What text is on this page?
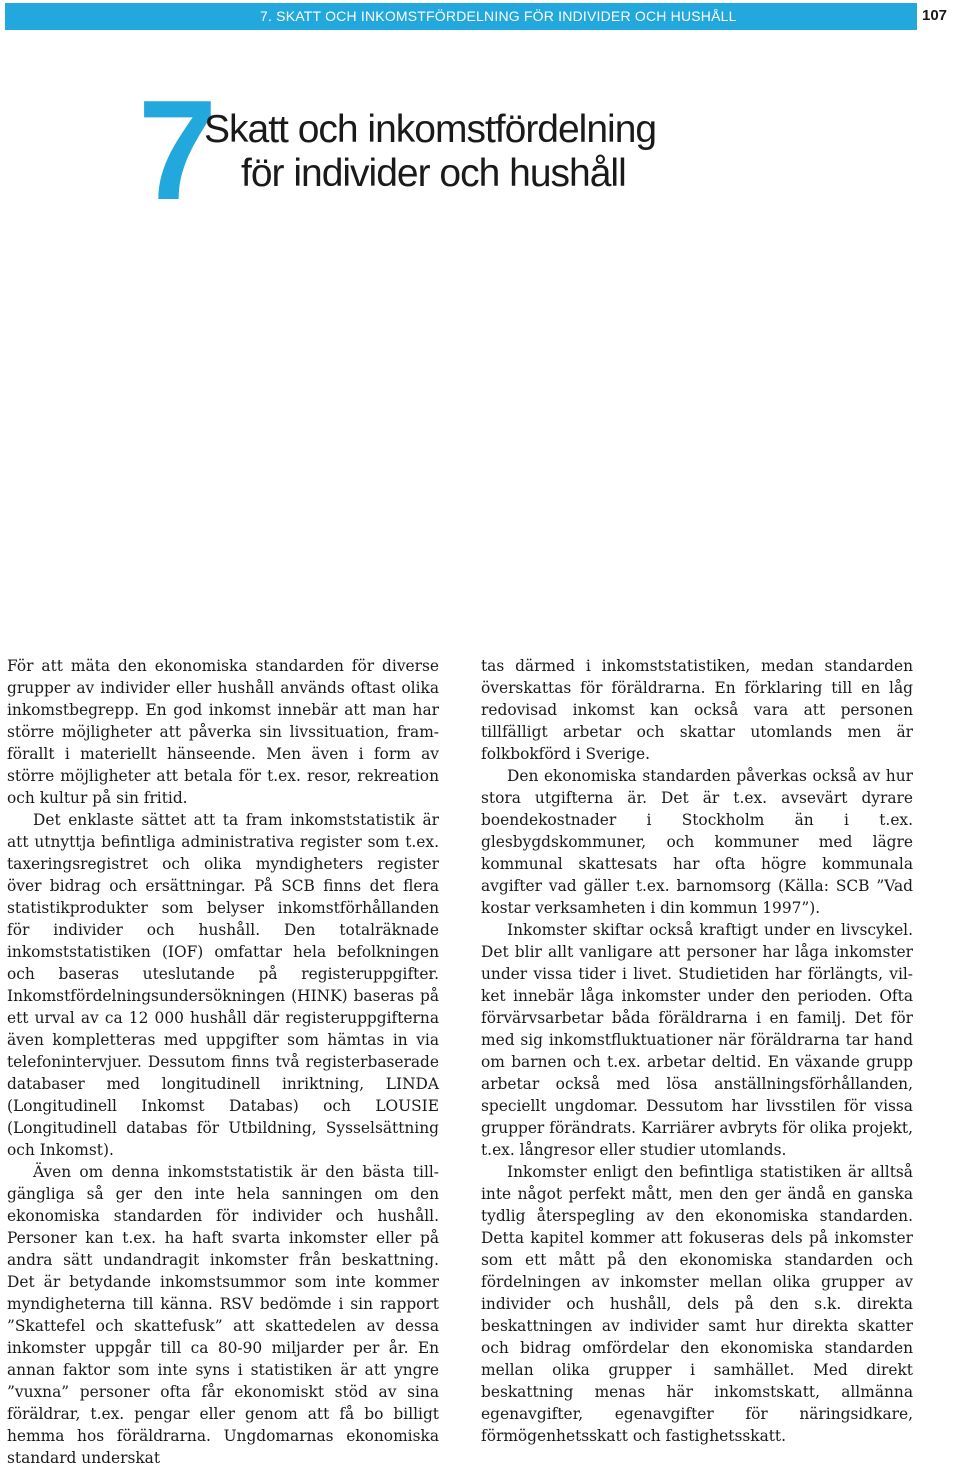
7. SKATT OCH INKOMSTFÖRDELNING FÖR INDIVIDER OCH HUSHÅLL	107
7
Skatt och inkomstfördelning
för individer och hushåll

För att mäta den ekonomiska standarden för diverse grupper av individer eller hushåll används oftast olika inkomstbegrepp. En god inkomst innebär att man har större möjligheter att påverka sin livssituation, framförallt i materiellt hänseende. Men även i form av större möjligheter att betala för t.ex. resor, rekreation och kultur på sin fritid.

Det enklaste sättet att ta fram inkomststatistik är att utnyttja befintliga administrativa register som t.ex. taxeringsregistret och olika myndigheters register över bidrag och ersättningar. På SCB finns det flera statistikprodukter som belyser inkomstförhållanden för individer och hushåll. Den totalräknade inkomststatistiken (IOF) omfattar hela befolkningen och baseras uteslutande på registeruppgifter. Inkomstfördelningsundersökningen (HINK) baseras på ett urval av ca 12 000 hushåll där registeruppgifterna även kompletteras med uppgifter som hämtas in via telefonintervjuer. Dessutom finns två registerbaserade databaser med longitudinell inriktning, LINDA (Longitudinell Inkomst Databas) och LOUSIE (Longitudinell databas för Utbildning, Sysselsättning och Inkomst).

Även om denna inkomststatistik är den bästa tillgängliga så ger den inte hela sanningen om den ekonomiska standarden för individer och hushåll. Personer kan t.ex. ha haft svarta inkomster eller på andra sätt undandragit inkomster från beskattning. Det är betydande inkomstsummor som inte kommer myndigheterna till känna. RSV bedömde i sin rapport ”Skattefel och skattefusk” att skattedelen av dessa inkomster uppgår till ca 80-90 miljarder per år. En annan faktor som inte syns i statistiken är att yngre ”vuxna” personer ofta får ekonomiskt stöd av sina föräldrar, t.ex. pengar eller genom att få bo billigt hemma hos föräldrarna. Ungdomarnas ekonomiska standard underskat

tas därmed i inkomststatistiken, medan standarden överskattas för föräldrarna. En förklaring till en låg redovisad inkomst kan också vara att personen tillfälligt arbetar och skattar utomlands men är folkbokförd i Sverige.

Den ekonomiska standarden påverkas också av hur stora utgifterna är. Det är t.ex. avsevärt dyrare boendekostnader i Stockholm än i t.ex. glesbygdskommuner, och kommuner med lägre kommunal skattesats har ofta högre kommunala avgifter vad gäller t.ex. barnomsorg (Källa: SCB ”Vad kostar verksamheten i din kommun 1997”).

Inkomster skiftar också kraftigt under en livscykel. Det blir allt vanligare att personer har låga inkomster under vissa tider i livet. Studietiden har förlängts, vilket innebär låga inkomster under den perioden. Ofta förvärvsarbetar båda föräldrarna i en familj. Det för med sig inkomstfluktuationer när föräldrarna tar hand om barnen och t.ex. arbetar deltid. En växande grupp arbetar också med lösa anställningsförhållanden, speciellt ungdomar. Dessutom har livsstilen för vissa grupper förändrats. Karriärer avbryts för olika projekt, t.ex. långresor eller studier utomlands.

Inkomster enligt den befintliga statistiken är alltså inte något perfekt mått, men den ger ändå en ganska tydlig återspegling av den ekonomiska standarden. Detta kapitel kommer att fokuseras dels på inkomster som ett mått på den ekonomiska standarden och fördelningen av inkomster mellan olika grupper av individer och hushåll, dels på den s.k. direkta beskattningen av individer samt hur direkta skatter och bidrag omfördelar den ekonomiska standarden mellan olika grupper i samhället. Med direkt beskattning menas här inkomstskatt, allmänna egenavgifter, egenavgifter för näringsidkare, förmögenhetsskatt och fastighetsskatt.
